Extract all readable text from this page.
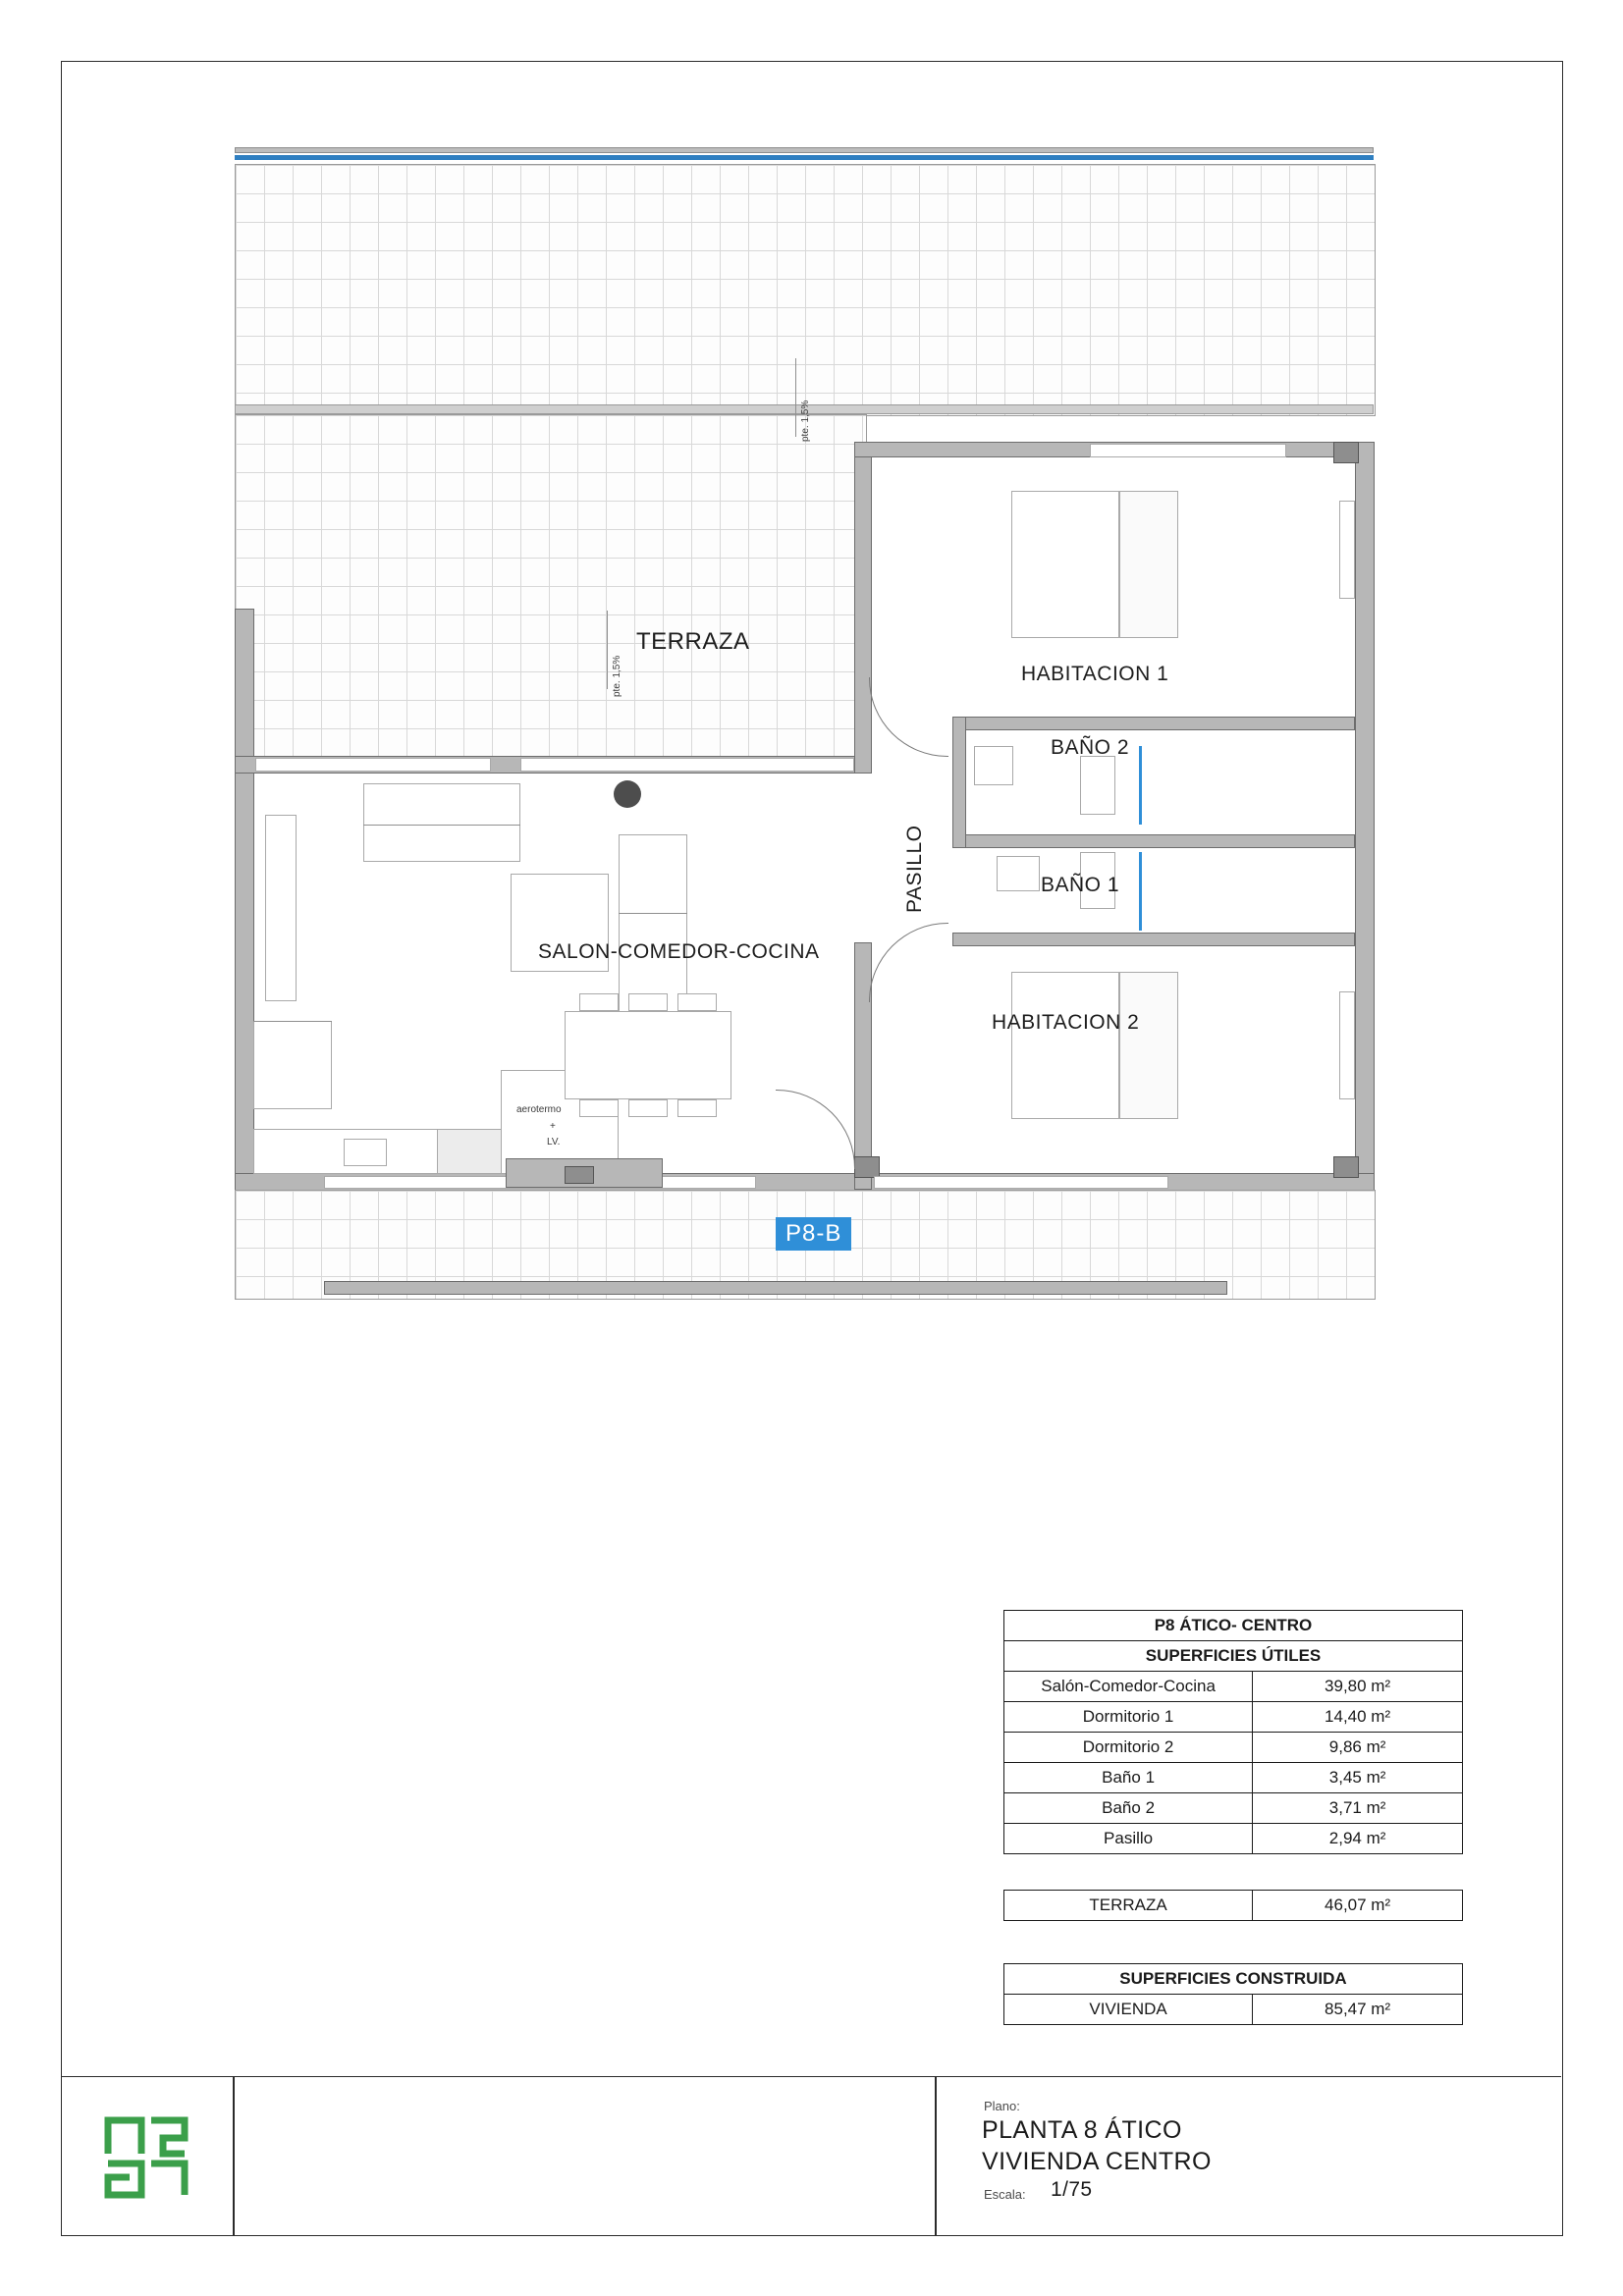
pte. 1,5%
pte. 1,5%
TERRAZA
aerotermo
+
LV.
SALON-COMEDOR-COCINA
PASILLO
HABITACION 1
HABITACION 2
BAÑO 2
BAÑO 1
P8-B
P8 ÁTICO- CENTRO	
SUPERFICIES ÚTILES	
Salón-Comedor-Cocina	39,80 m²
Dormitorio 1	14,40 m²
Dormitorio 2	9,86 m²
Baño 1	3,45 m²
Baño 2	3,71 m²
Pasillo	2,94 m²
TERRAZA	46,07 m²
SUPERFICIES CONSTRUIDA
VIVIENDA	85,47 m²
Plano:
PLANTA 8 ÁTICO
VIVIENDA CENTRO
Escala: 1/75
